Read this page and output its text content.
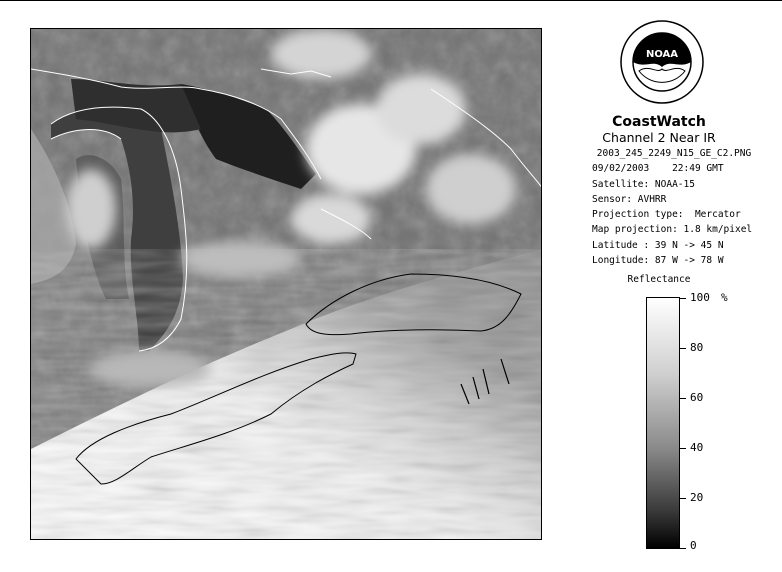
NOAA
CoastWatch
Channel 2 Near IR
2003_245_2249_N15_GE_C2.PNG
09/02/2003    22:49 GMT
Satellite: NOAA-15
Sensor: AVHRR
Projection type:  Mercator
Map projection: 1.8 km/pixel
Latitude : 39 N -> 45 N
Longitude: 87 W -> 78 W
Reflectance
%
100
80
60
40
20
0
